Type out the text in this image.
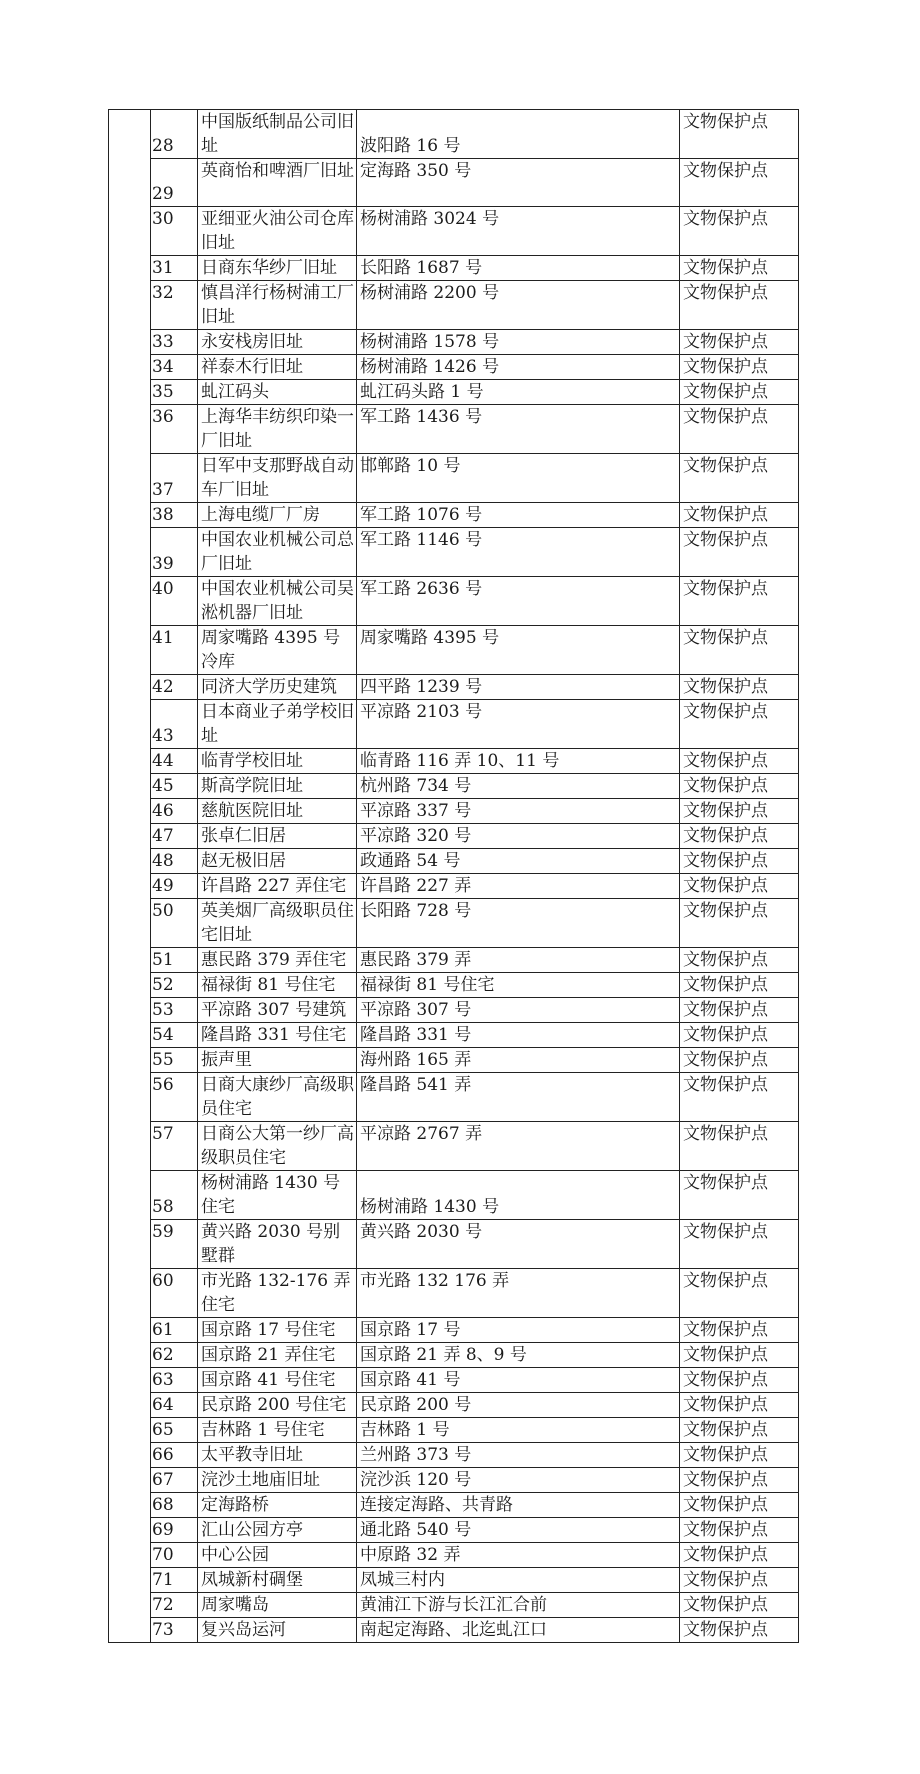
	28	中国版纸制品公司旧址	波阳路 16 号	文物保护点
	29	英商怡和啤酒厂旧址	定海路 350 号	文物保护点
	30	亚细亚火油公司仓库旧址	杨树浦路 3024 号	文物保护点
	31	日商东华纱厂旧址	长阳路 1687 号	文物保护点
	32	慎昌洋行杨树浦工厂旧址	杨树浦路 2200 号	文物保护点
	33	永安栈房旧址	杨树浦路 1578 号	文物保护点
	34	祥泰木行旧址	杨树浦路 1426 号	文物保护点
	35	虬江码头	虬江码头路 1 号	文物保护点
	36	上海华丰纺织印染一厂旧址	军工路 1436 号	文物保护点
	37	日军中支那野战自动车厂旧址	邯郸路 10 号	文物保护点
	38	上海电缆厂厂房	军工路 1076 号	文物保护点
	39	中国农业机械公司总厂旧址	军工路 1146 号	文物保护点
	40	中国农业机械公司吴淞机器厂旧址	军工路 2636 号	文物保护点
	41	周家嘴路 4395 号冷库	周家嘴路 4395 号	文物保护点
	42	同济大学历史建筑	四平路 1239 号	文物保护点
	43	日本商业子弟学校旧址	平凉路 2103 号	文物保护点
	44	临青学校旧址	临青路 116 弄 10、11 号	文物保护点
	45	斯高学院旧址	杭州路 734 号	文物保护点
	46	慈航医院旧址	平凉路 337 号	文物保护点
	47	张卓仁旧居	平凉路 320 号	文物保护点
	48	赵无极旧居	政通路 54 号	文物保护点
	49	许昌路 227 弄住宅	许昌路 227 弄	文物保护点
	50	英美烟厂高级职员住宅旧址	长阳路 728 号	文物保护点
	51	惠民路 379 弄住宅	惠民路 379 弄	文物保护点
	52	福禄街 81 号住宅	福禄街 81 号住宅	文物保护点
	53	平凉路 307 号建筑	平凉路 307 号	文物保护点
	54	隆昌路 331 号住宅	隆昌路 331 号	文物保护点
	55	振声里	海州路 165 弄	文物保护点
	56	日商大康纱厂高级职员住宅	隆昌路 541 弄	文物保护点
	57	日商公大第一纱厂高级职员住宅	平凉路 2767 弄	文物保护点
	58	杨树浦路 1430 号住宅	杨树浦路 1430 号	文物保护点
	59	黄兴路 2030 号别墅群	黄兴路 2030 号	文物保护点
	60	市光路 132-176 弄住宅	市光路 132 176 弄	文物保护点
	61	国京路 17 号住宅	国京路 17 号	文物保护点
	62	国京路 21 弄住宅	国京路 21 弄 8、9 号	文物保护点
	63	国京路 41 号住宅	国京路 41 号	文物保护点
	64	民京路 200 号住宅	民京路 200 号	文物保护点
	65	吉林路 1 号住宅	吉林路 1 号	文物保护点
	66	太平教寺旧址	兰州路 373 号	文物保护点
	67	浣沙土地庙旧址	浣沙浜 120 号	文物保护点
	68	定海路桥	连接定海路、共青路	文物保护点
	69	汇山公园方亭	通北路 540 号	文物保护点
	70	中心公园	中原路 32 弄	文物保护点
	71	凤城新村碉堡	凤城三村内	文物保护点
	72	周家嘴岛	黄浦江下游与长江汇合前	文物保护点
	73	复兴岛运河	南起定海路、北迄虬江口	文物保护点
